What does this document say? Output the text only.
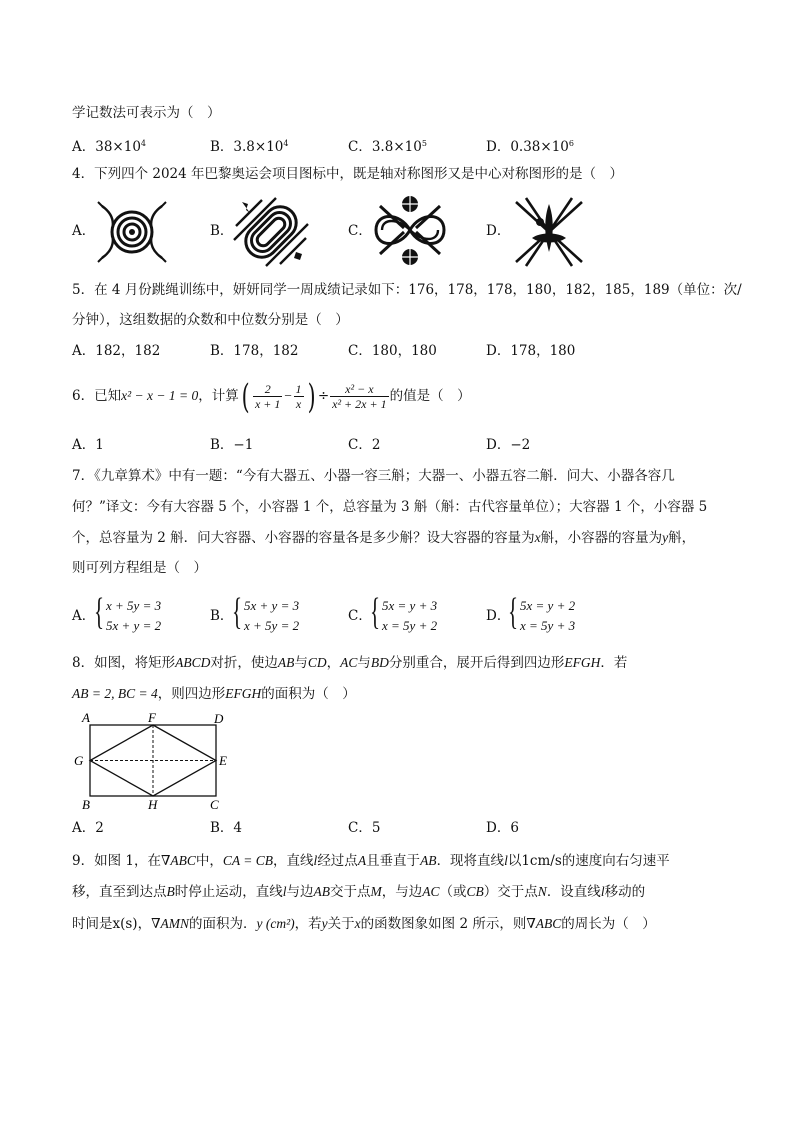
学记数法可表示为（　）
A．$38\times 10^4$	B．$3.8\times 10^4$	C．$3.8\times 10^5$	D．$0.38\times 10^6$
4．下列四个 2024 年巴黎奥运会项目图标中，既是轴对称图形又是中心对称图形的是（　）
A．	B．	C．	D．
5．在 4 月份跳绳训练中，妍妍同学一周成绩记录如下：176，178，178，180，182，185，189（单位：次/
分钟），这组数据的众数和中位数分别是（　）
A．182，182	B．178，182	C．180，180	D．178，180
6．已知x² − x − 1 = 0，计算( $\frac{2}{x + 1} - \frac{1}{x}$ ) ÷ $\frac{\text{x² − x}}{\text{x² + 2x + 1}}$ 的值是（　）
A．1	B．−1	C．2	D．−2
7．《九章算术》中有一题：“今有大器五、小器一容三斛；大器一、小器五容二斛．问大、小器各容几
何？”译文：今有大容器 5 个，小容器 1 个，总容量为 3 斛（斛：古代容量单位）；大容器 1 个，小容器 5
个，总容量为 2 斛．问大容器、小容器的容量各是多少斛？设大容器的容量为x斛，小容器的容量为y斛，
则可列方程组是（　）
A．
{ x + 5y = 3
5x + y = 2
B．
{ 5x + y = 3
x + 5y = 2
C．
{ 5x = y + 3
x = 5y + 2
D．
{ 5x = y + 2
x = 5y + 3
8．如图，将矩形ABCD对折，使边AB与CD，AC与BD分别重合，展开后得到四边形EFGH．若
AB = 2, BC = 4，则四边形EFGH的面积为（　）
A	F	D
G	E
B	H	C
A．2	B．4	C．5	D．6
9．如图 1，在∇ABC中，CA = CB，直线l经过点A且垂直于AB．现将直线l以1cm/s的速度向右匀速平
移，直至到达点B时停止运动，直线l与边AB交于点M，与边AC（或CB）交于点N．设直线l移动的
时间是x(s)，∇AMN的面积为．y (cm²)，若y关于x的函数图象如图 2 所示，则∇ABC的周长为（　）
